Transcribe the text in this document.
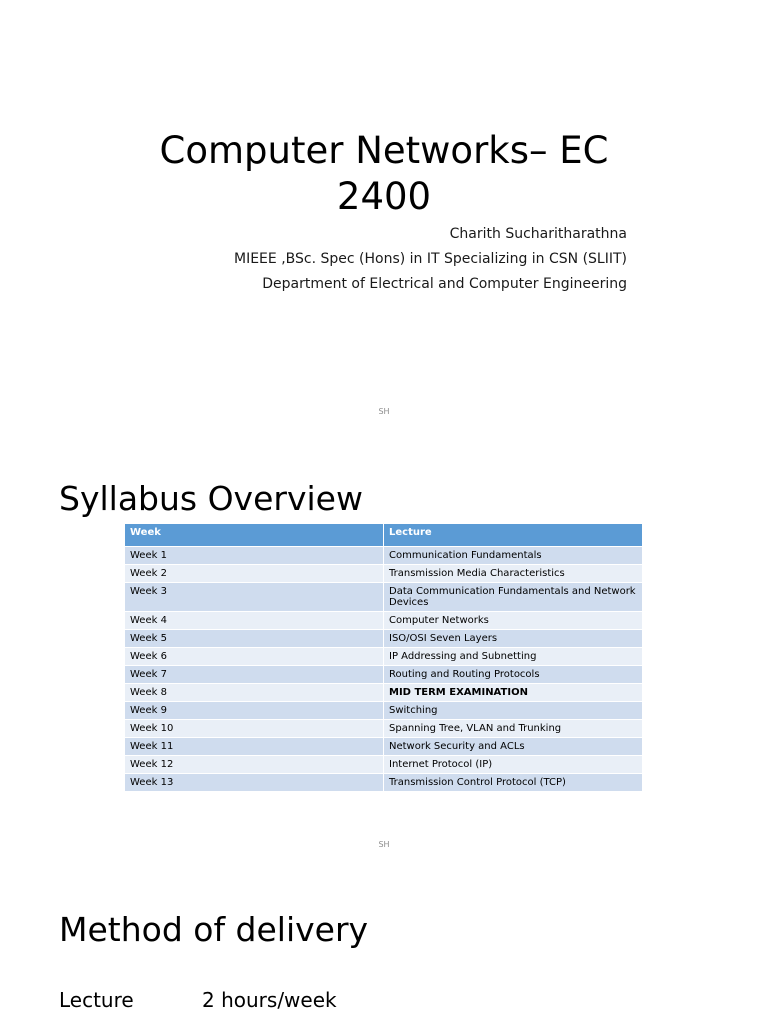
Computer Networks– EC
2400
Charith Sucharitharathna
MIEEE ,BSc. Spec (Hons) in IT Specializing in CSN (SLIIT)
Department of Electrical and Computer Engineering
SH
Syllabus Overview
Week	Lecture
Week 1	Communication Fundamentals
Week 2	Transmission Media Characteristics
Week 3	Data Communication Fundamentals and Network Devices
Week 4	Computer Networks
Week 5	ISO/OSI Seven Layers
Week 6	IP Addressing and Subnetting
Week 7	Routing and Routing Protocols
Week 8	MID TERM EXAMINATION
Week 9	Switching
Week 10	Spanning Tree, VLAN and Trunking
Week 11	Network Security and ACLs
Week 12	Internet Protocol (IP)
Week 13	Transmission Control Protocol (TCP)
SH
Method of delivery
Lecture	2 hours/week
